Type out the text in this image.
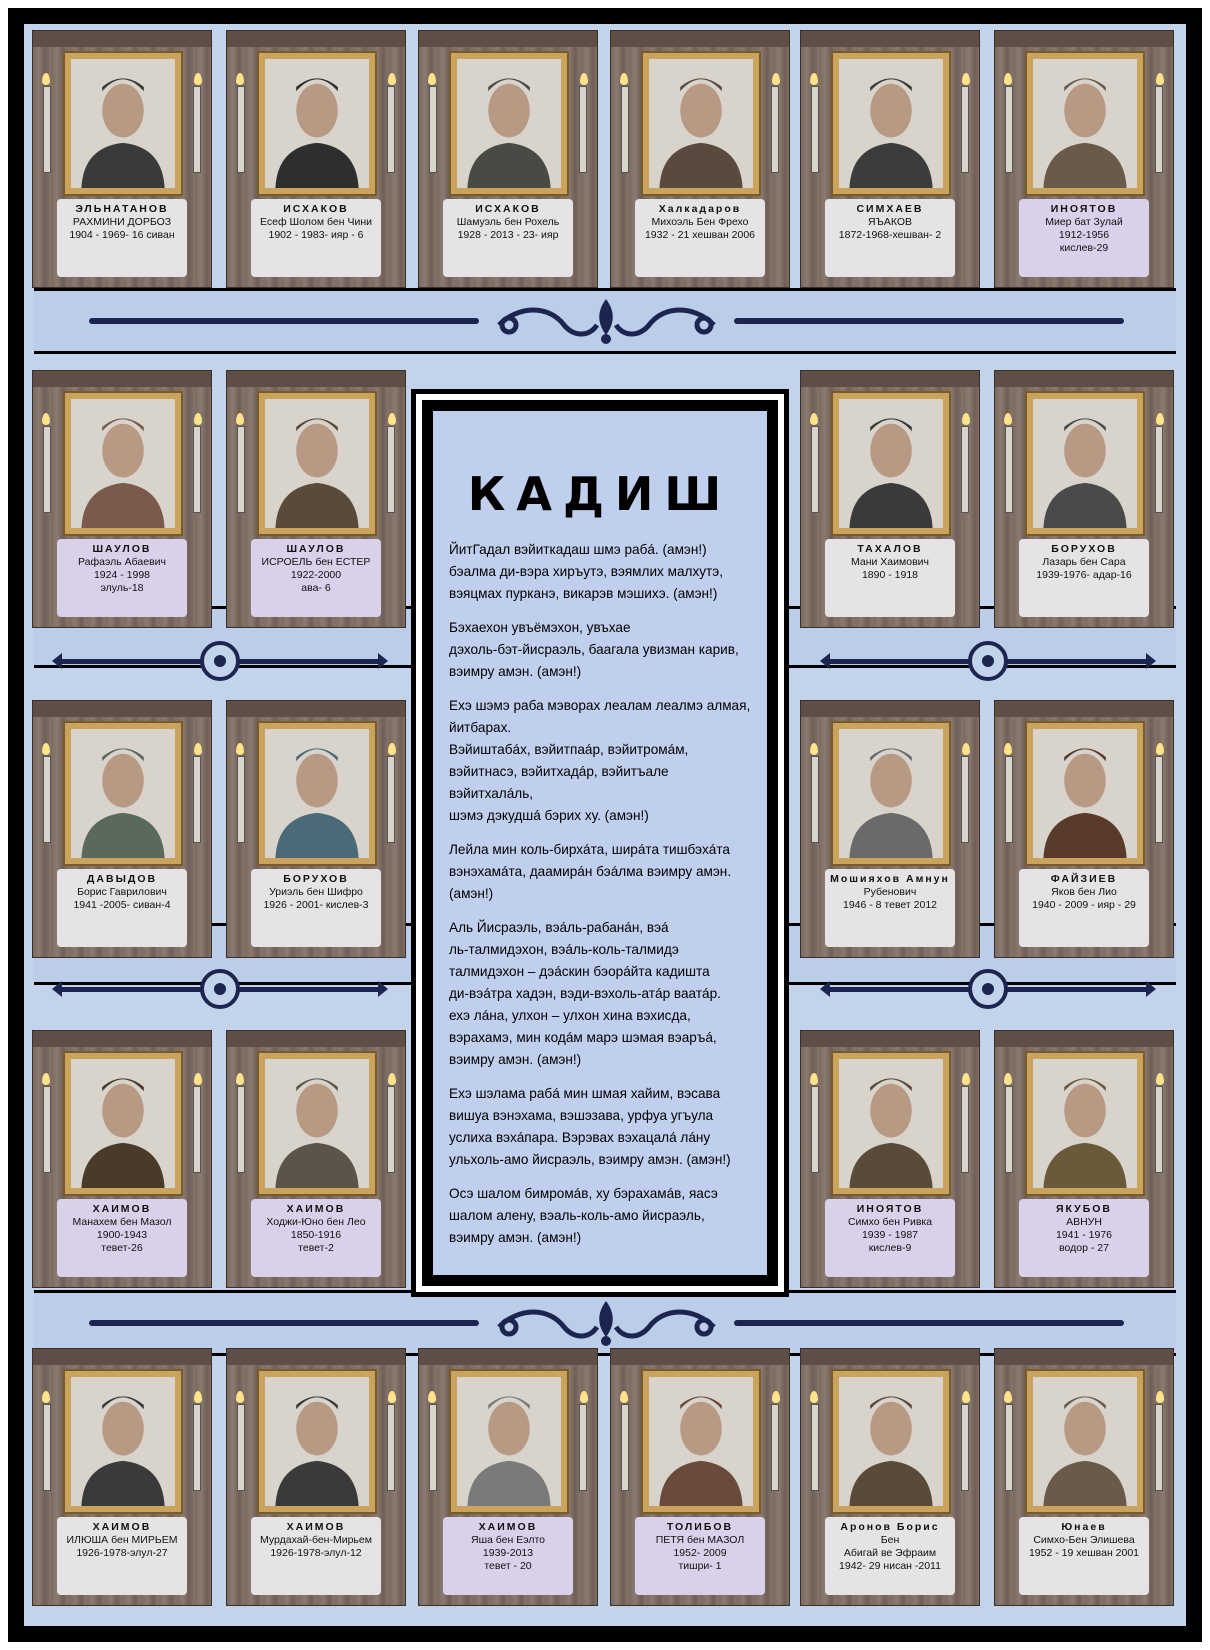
КАДИШ
ЙитГадал вэйиткадаш шмэ рабá. (амэн!)
бэалма ди-вэра хиръутэ, вэямлих малхутэ,
вэяцмах пурканэ, викарэв мэшихэ. (амэн!)
Бэхаехон увъёмэхон, увъхае
дэхоль-бэт-йисраэль, баагала увизман карив,
вэимру амэн. (амэн!)
Ехэ шэмэ раба мэворах леалам леалмэ алмая,
йитбарах.
Вэйиштабáх, вэйитпаáр, вэйитромáм,
вэйитнасэ, вэйитхадáр, вэйитъале вэйитхалáль,
шэмэ дэкудшá бэрих ху. (амэн!)
Лейла мин коль-бирхáта, ширáта тишбэхáта
вэнэхамáта, даамирáн бэáлма вэимру амэн.
(амэн!)
Аль Йисраэль, вэáль-рабанáн, вэá
ль-талмидэхон, вэáль-коль-талмидэ
талмидэхон – дэáскин бэорáйта кадишта
ди-вэáтра хадэн, вэди-вэхоль-атáр ваатáр.
ехэ лáна, улхон – улхон хина вэхисда,
вэрахамэ, мин кодáм марэ шэмая вэаръá,
вэимру амэн. (амэн!)
Ехэ шэлама рабá мин шмая хайим, вэсава
вишуа вэнэхама, вэшэзава, урфуа угъула
услиха вэхáпара. Вэрэвах вэхацалá лáну
ульхоль-амо йисраэль, вэимру амэн. (амэн!)
Осэ шалом бимромáв, ху бэрахамáв, яасэ
шалом алену, вэаль-коль-амо йисраэль,
вэимру амэн. (амэн!)
ЭЛЬНАТАНОВ
РАХМИНИ ДОРБОЗ
1904 - 1969- 16 сиван
ИСХАКОВ
Есеф Шолом бен Чини
1902 - 1983- ияр - 6
ИСХАКОВ
Шамуэль бен Рохель
1928 - 2013 - 23- ияр
Халкадаров
Михоэль Бен Фрехо
1932 - 21 хешван 2006
СИМХАЕВ
ЯЪАКОВ
1872-1968-хешван- 2
ИНОЯТОВ
Миер бат Зулай
1912-1956
кислев-29
ШАУЛОВ
Рафаэль Абаевич
1924 - 1998
элуль-18
ШАУЛОВ
ИСРОЕЛЬ бен ЕСТЕР
1922-2000
ава- 6
ТАХАЛОВ
Мани Хаимович
1890 - 1918
БОРУХОВ
Лазарь бен Сара
1939-1976- адар-16
ДАВЫДОВ
Борис Гаврилович
1941 -2005- сиван-4
БОРУХОВ
Уриэль бен Шифро
1926 - 2001- кислев-3
Мошияхов Амнун
Рубенович
1946 - 8 тевет 2012
ФАЙЗИЕВ
Яков бен Лио
1940 - 2009 - ияр - 29
ХАИМОВ
Манахем бен Мазол
1900-1943
тевет-26
ХАИМОВ
Ходжи-Юно бен Лео
1850-1916
тевет-2
ИНОЯТОВ
Симхо бен Ривка
1939 - 1987
кислев-9
ЯКУБОВ
АВНУН
1941 - 1976
водор - 27
ХАИМОВ
ИЛЮША бен МИРЬЕМ
1926-1978-элул-27
ХАИМОВ
Мурдахай-бен-Мирьем
1926-1978-элул-12
ХАИМОВ
Яша бен Еэлто
1939-2013
тевет - 20
ТОЛИБОВ
ПЕТЯ бен МАЗОЛ
1952- 2009
тишри- 1
Аронов Борис
Бен
Абигай ве Эфраим
1942- 29 нисан -2011
Юнаев
Симхо-Бен Элишева
1952 - 19 хешван 2001
